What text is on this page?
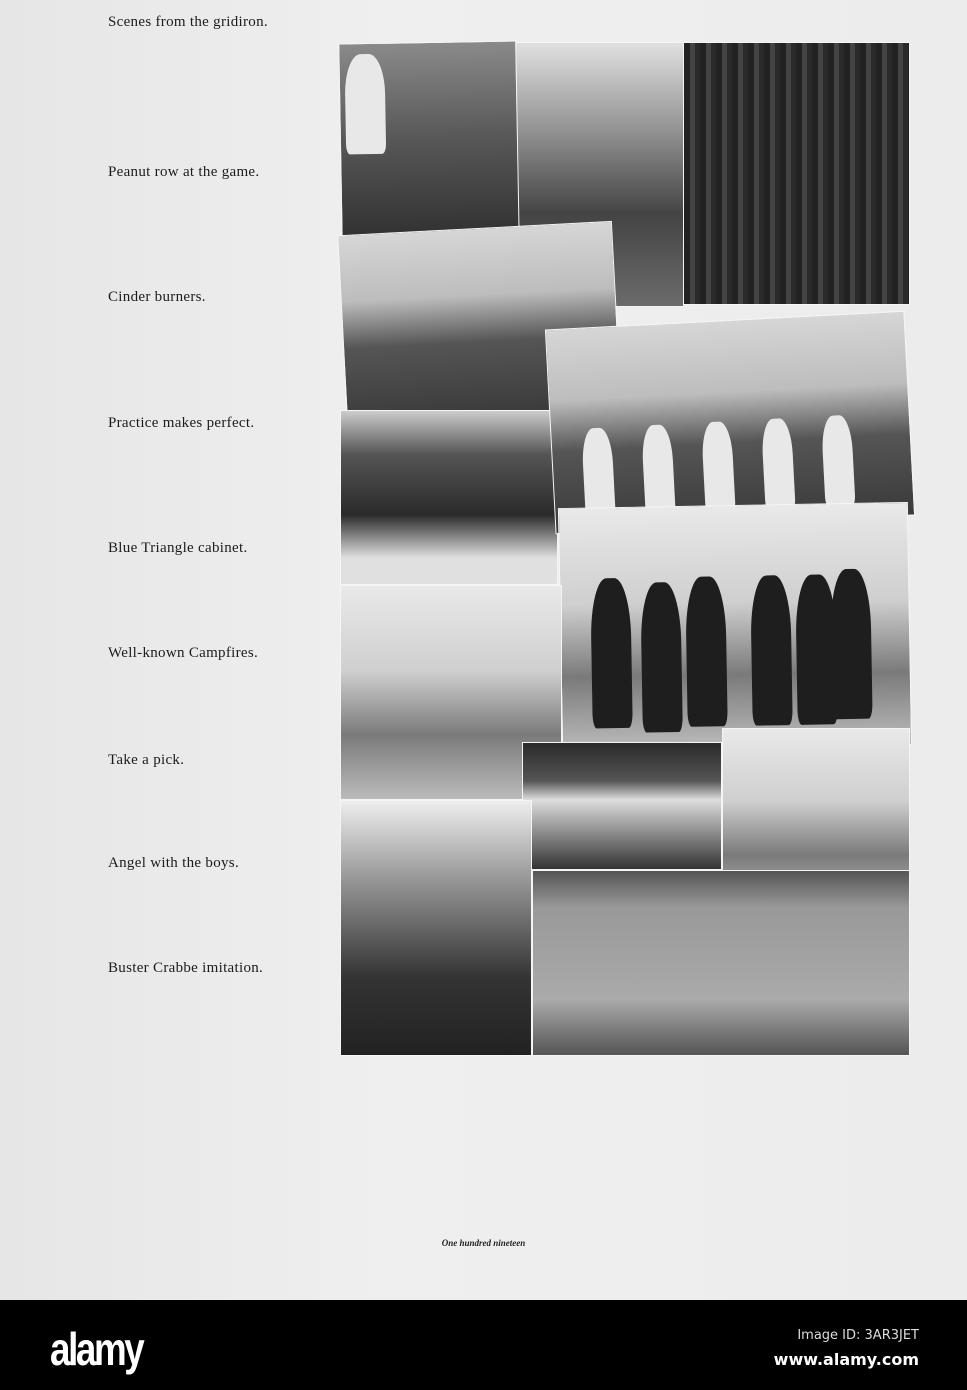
Scenes from the gridiron.
Peanut row at the game.
Cinder burners.
Practice makes perfect.
Blue Triangle cabinet.
Well-known Campfires.
Take a pick.
Angel with the boys.
Buster Crabbe imitation.
One hundred nineteen
alamy	Image ID: 3AR3JET
www.alamy.com
